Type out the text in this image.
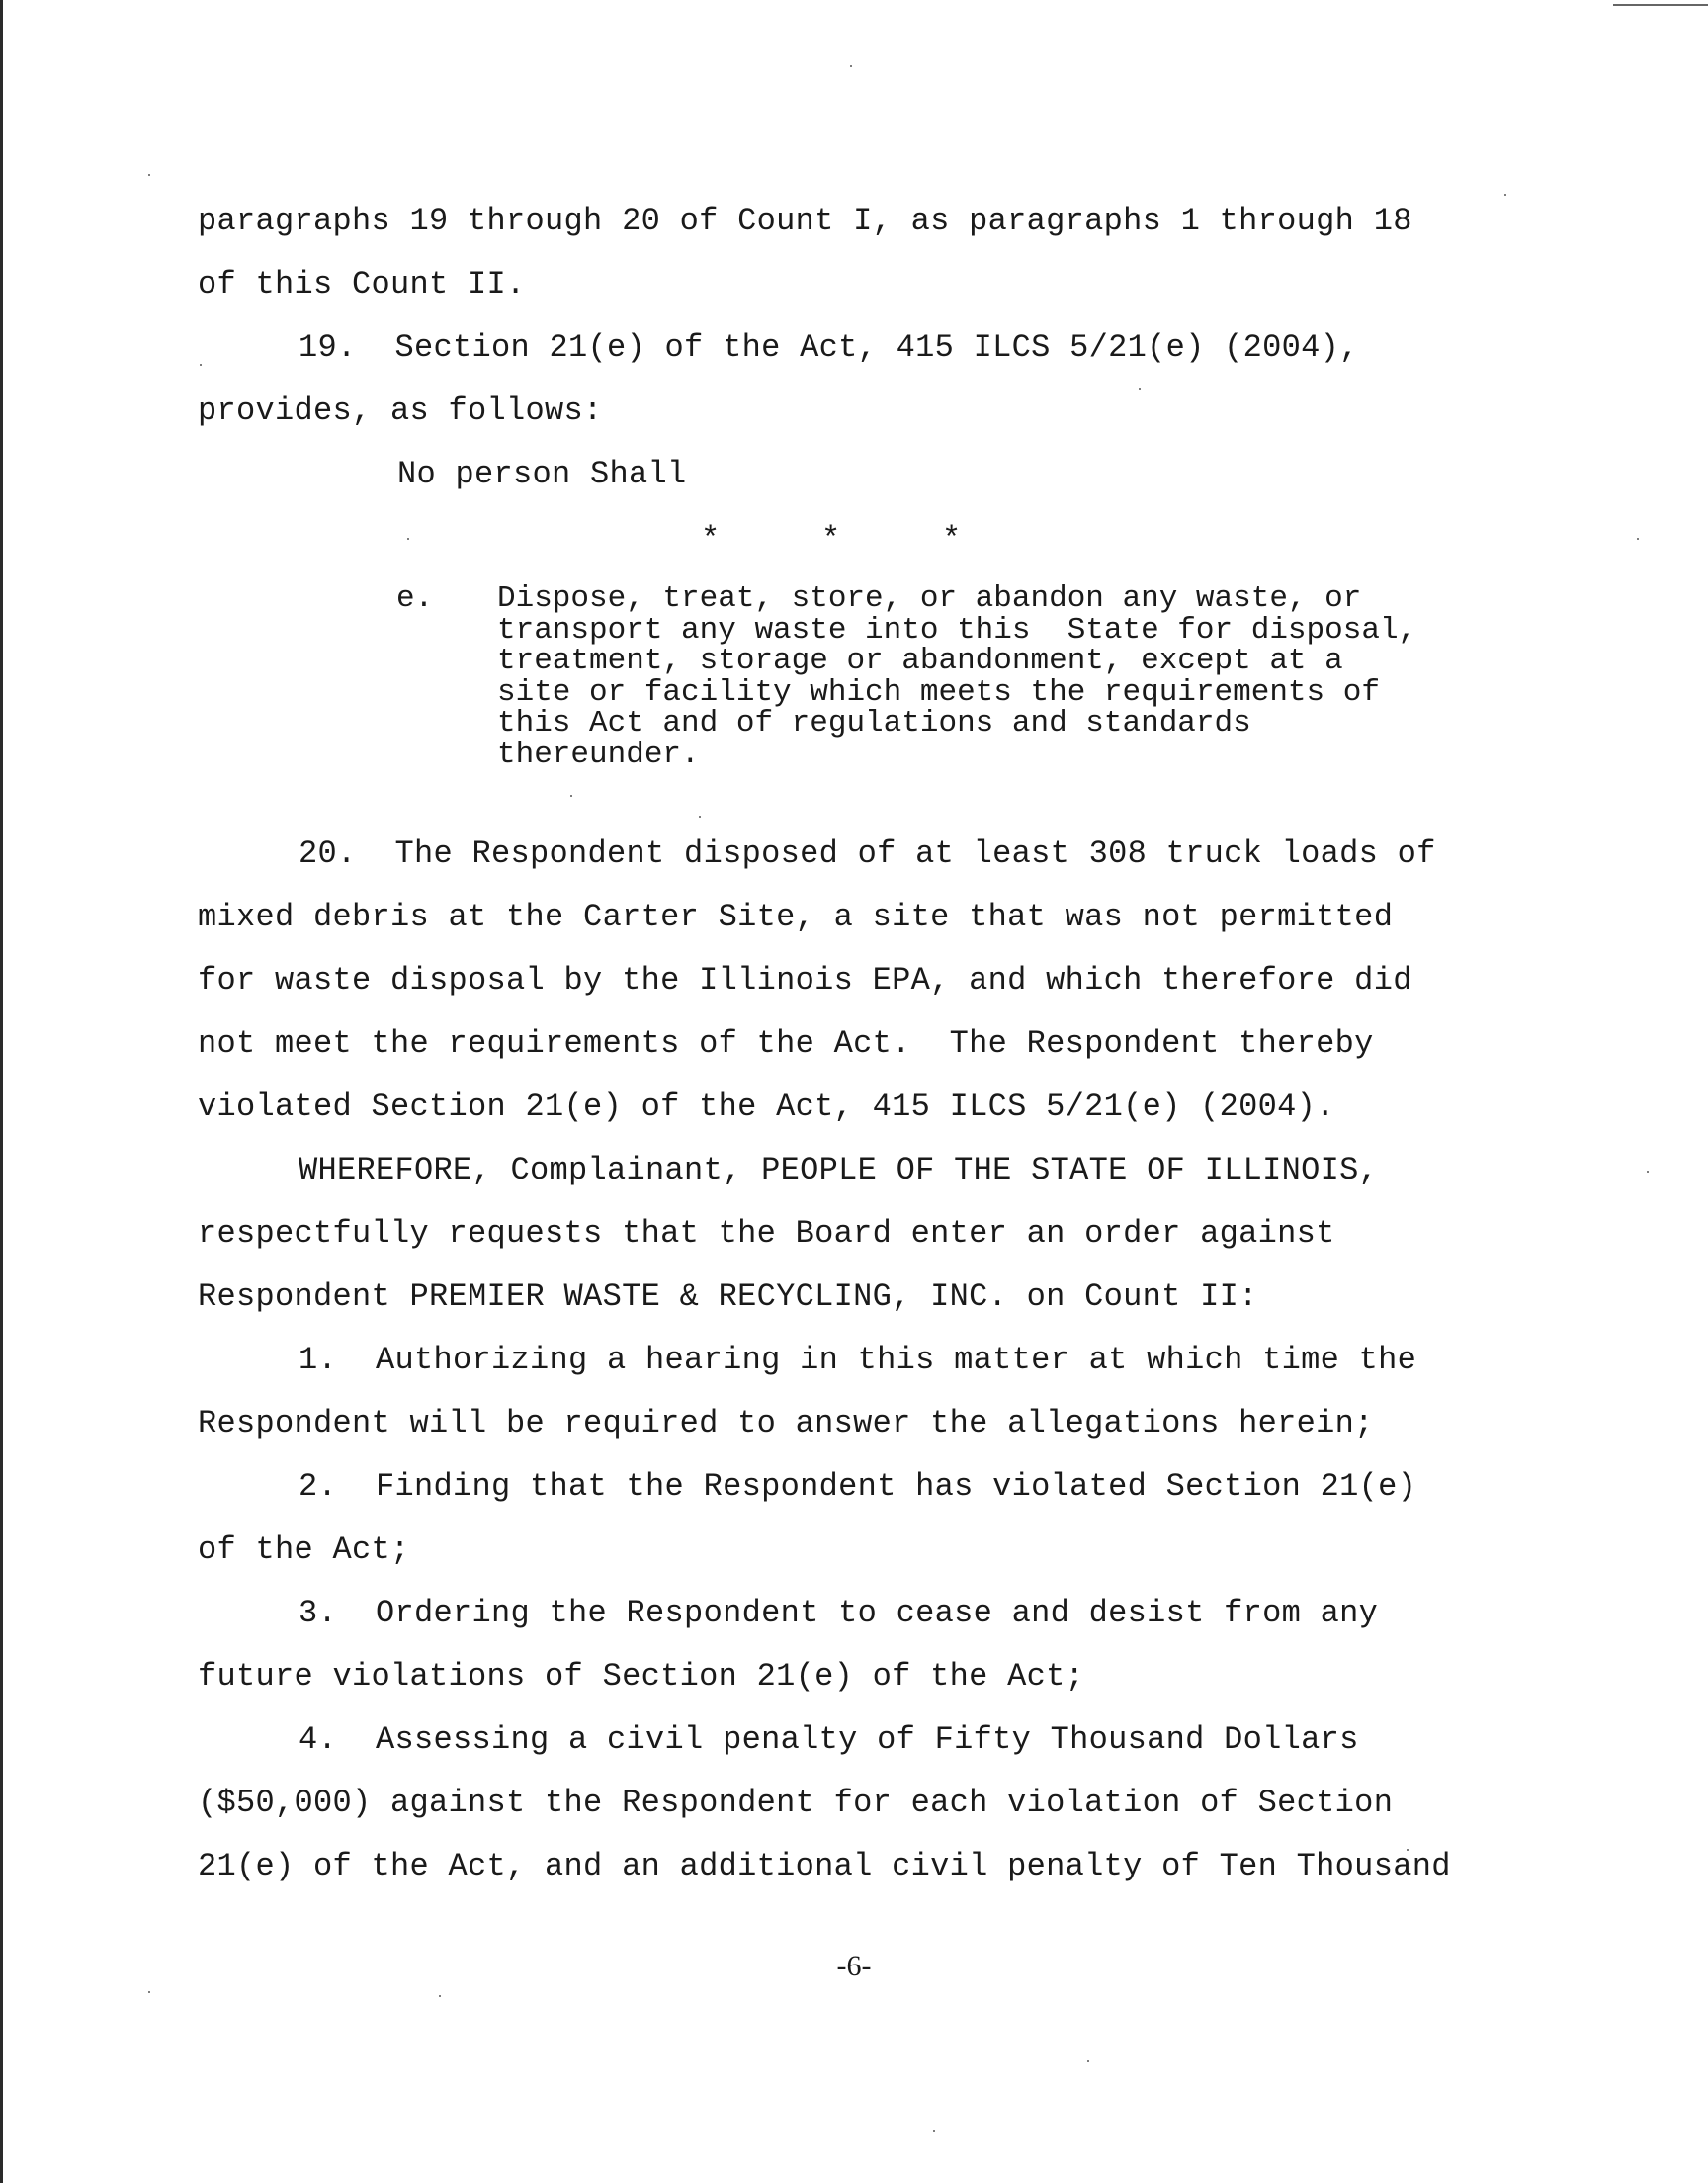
paragraphs 19 through 20 of Count I, as paragraphs 1 through 18
of this Count II.
19.  Section 21(e) of the Act, 415 ILCS 5/21(e) (2004),
provides, as follows:
No person Shall
*	*	*
e. Dispose, treat, store, or abandon any waste, or
transport any waste into this  State for disposal,
treatment, storage or abandonment, except at a
site or facility which meets the requirements of
this Act and of regulations and standards
thereunder.
20.  The Respondent disposed of at least 308 truck loads of
mixed debris at the Carter Site, a site that was not permitted
for waste disposal by the Illinois EPA, and which therefore did
not meet the requirements of the Act.  The Respondent thereby
violated Section 21(e) of the Act, 415 ILCS 5/21(e) (2004).
WHEREFORE, Complainant, PEOPLE OF THE STATE OF ILLINOIS,
respectfully requests that the Board enter an order against
Respondent PREMIER WASTE & RECYCLING, INC. on Count II:
1.  Authorizing a hearing in this matter at which time the
Respondent will be required to answer the allegations herein;
2.  Finding that the Respondent has violated Section 21(e)
of the Act;
3.  Ordering the Respondent to cease and desist from any
future violations of Section 21(e) of the Act;
4.  Assessing a civil penalty of Fifty Thousand Dollars
($50,000) against the Respondent for each violation of Section
21(e) of the Act, and an additional civil penalty of Ten Thousand
-6-
